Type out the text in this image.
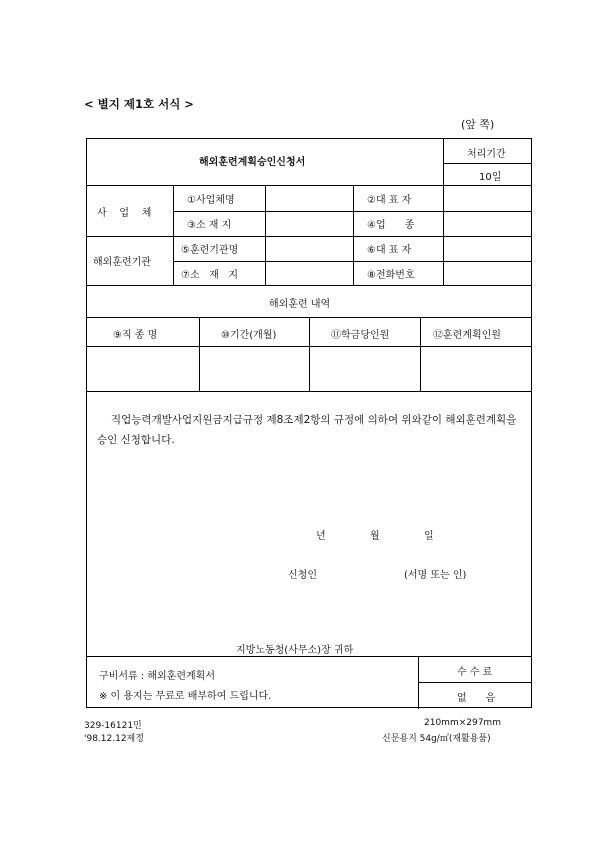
< 별지 제1호 서식 >
(앞 쪽)
해외훈련계획승인신청서
처리기간
10일
사    업    체
①사업체명	②대 표 자
③소 재 지	④업      종
해외훈련기관
⑤훈련기관명	⑥대 표 자
⑦소   재   지	⑧전화번호
해외훈련 내역
⑨직 종 명	⑩기간(개월)	⑪학금당인원	⑫훈련계획인원
구비서류 : 해외훈련계획서
※ 이 용지는 무료로 배부하여 드립니다.
수 수 료
없      음
직업능력개발사업지원금지급규정 제8조제2항의 규정에 의하여 위와같이 해외훈련계획을 승인 신청합니다.
년	월	일
신청인	(서명 또는 인)
지방노동청(사무소)장 귀하
329-16121민
'98.12.12제정
210mm×297mm
신문용지 54g/㎡(재활용품)
